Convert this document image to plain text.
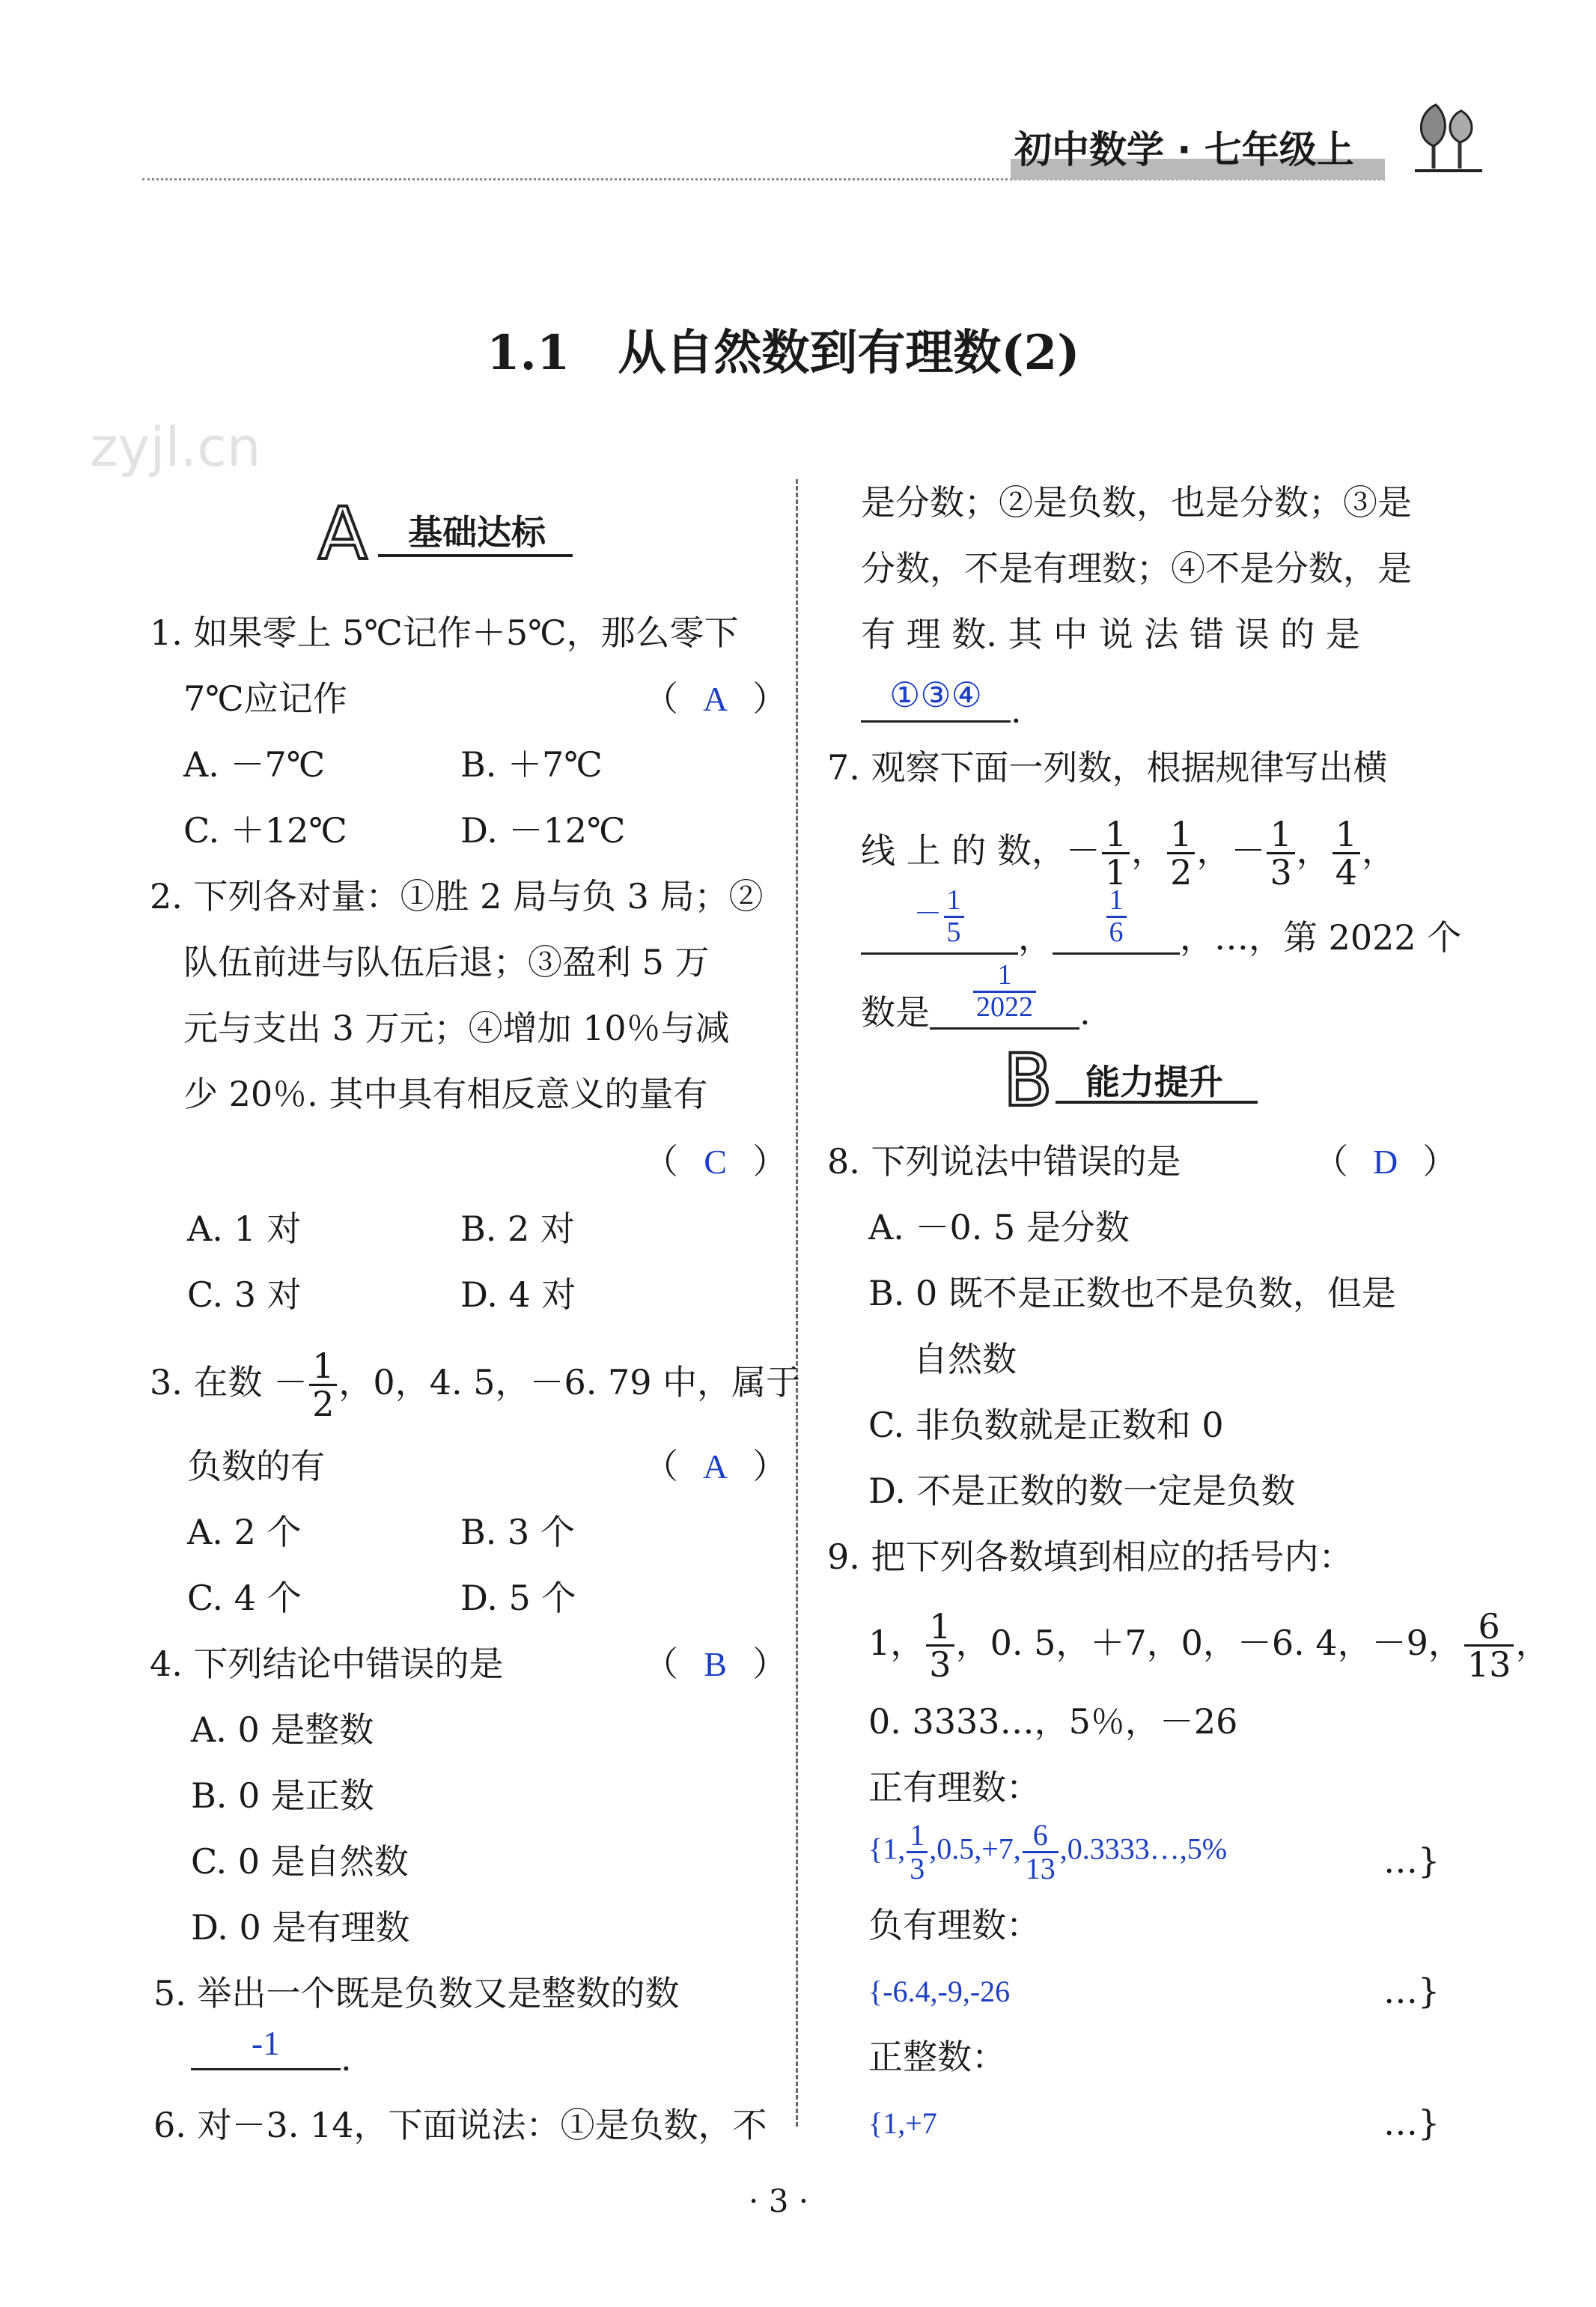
初中数学 · 七年级上
zyjl.cn
1.1　从自然数到有理数(2)
A 基础达标
1. 如果零上 5℃记作＋5℃，那么零下
7℃应记作	（ A ）
A. －7℃	B. ＋7℃
C. ＋12℃	D. －12℃
2. 下列各对量：①胜 2 局与负 3 局；②
队伍前进与队伍后退；③盈利 5 万
元与支出 3 万元；④增加 10％与减
少 20％. 其中具有相反意义的量有
（ C ）
A. 1 对	B. 2 对
C. 3 对	D. 4 对
3. 在数 － $\frac{1}{2}$ ，0，4. 5，－6. 79 中，属于
负数的有	（ A ）
A. 2 个	B. 3 个
C. 4 个	D. 5 个
4. 下列结论中错误的是	（ B ）
A. 0 是整数
B. 0 是正数
C. 0 是自然数
D. 0 是有理数
5. 举出一个既是负数又是整数的数
-1	.
6. 对－3. 14，下面说法：①是负数，不
是分数；②是负数，也是分数；③是
分数，不是有理数；④不是分数，是
有 理 数. 其 中 说 法 错 误 的 是
①③④ .
7. 观察下面一列数，根据规律写出横
线 上 的 数，－ $\frac{1}{1}$ ， $\frac{1}{2}$ ，－ $\frac{1}{3}$ ， $\frac{1}{4}$ ，
－ $\frac{1}{5}$ ， $\frac{1}{6}$ ，…，第 2022 个
数是 $\frac{1}{2022}$ .
B 能力提升
8. 下列说法中错误的是	（ D ）
A. －0. 5 是分数
B. 0 既不是正数也不是负数，但是
自然数
C. 非负数就是正数和 0
D. 不是正数的数一定是负数
9. 把下列各数填到相应的括号内：
1， $\frac{1}{3}$ ，0. 5，＋7，0，－6. 4，－9， $\frac{6}{13}$ ，
0. 3333…，5％，－26
正有理数：
{1, $\frac{1}{3} ,0.5,+7$, $\frac{6}{13}$ ,0.3333…,5%	…}
负有理数：
{-6.4,-9,-26	…}
正整数：
{1,+7	…}
· 3 ·
